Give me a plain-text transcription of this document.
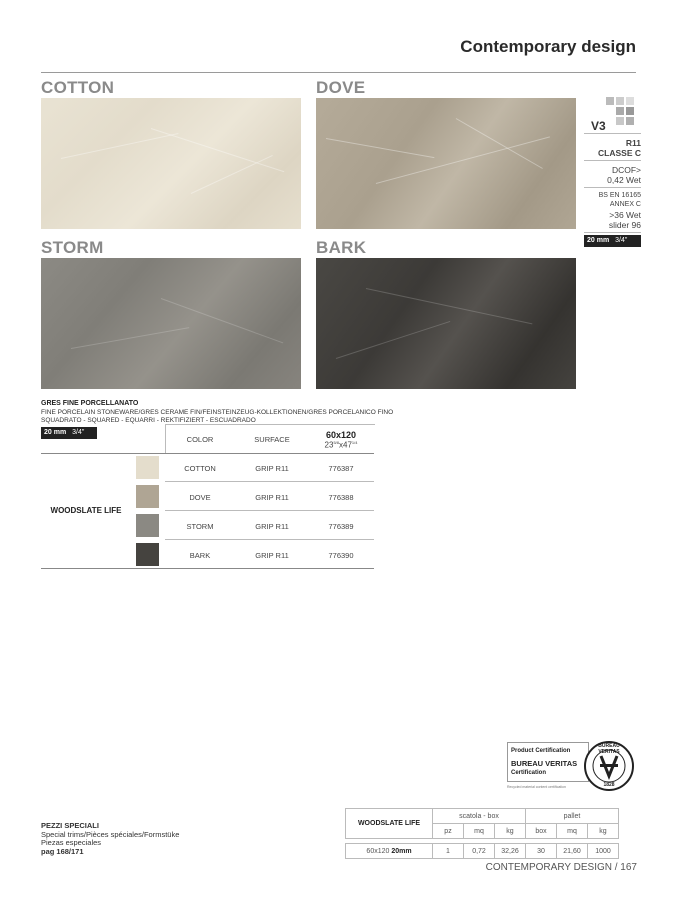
Contemporary design
COTTON	DOVE
STORM	BARK
V3
R11
CLASSE C
DCOF>
0,42 Wet
BS EN 16165
ANNEX C
>36 Wet
slider 96
20 mm 3/4" ↕
GRES FINE PORCELLANATO
FINE PORCELAIN STONEWARE/GRES CERAME FIN/FEINSTEINZEUG-KOLLEKTIONEN/GRES PORCELANICO FINO
SQUADRATO - SQUARED - EQUARRI - REKTIFIZIERT - ESCUADRADO
20 mm 3/4" ↕
COLOR	SURFACE	60x120
$23^{5/8}x47^{1/4}$
WOODSLATE LIFE
COTTON	GRIP R11	776387
DOVE	GRIP R11	776388
STORM	GRIP R11	776389
BARK	GRIP R11	776390
Product Certification
BUREAU VERITAS
Certification
BUREAU VERITAS
1828
Recycled material content certification
PEZZI SPECIALI
Special trims/Pièces spéciales/Formstüke
Piezas especiales
pag 168/171
WOODSLATE LIFE	scatola - box			pallet		
	pz	mq	kg	box	mq	kg

60x120 20mm	1	0,72	32,26	30	21,60	1000
CONTEMPORARY DESIGN / 167
